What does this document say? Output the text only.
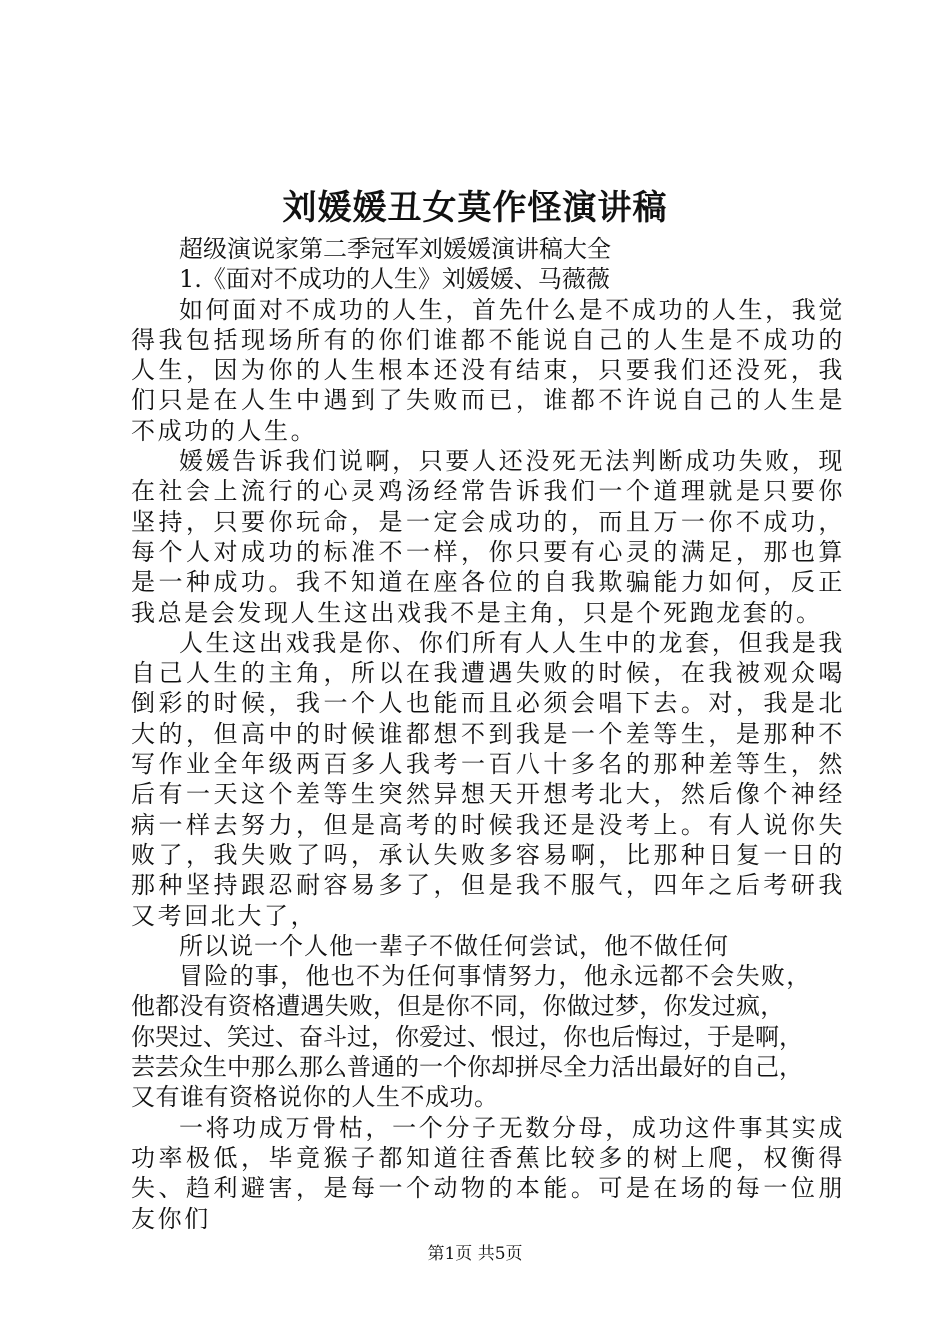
刘媛媛丑女莫作怪演讲稿

超级演说家第二季冠军刘媛媛演讲稿大全

1.《面对不成功的人生》刘媛媛、马薇薇

如何面对不成功的人生，首先什么是不成功的人生，我觉得我包括现场所有的你们谁都不能说自己的人生是不成功的人生，因为你的人生根本还没有结束，只要我们还没死，我们只是在人生中遇到了失败而已，谁都不许说自己的人生是不成功的人生。

媛媛告诉我们说啊，只要人还没死无法判断成功失败，现在社会上流行的心灵鸡汤经常告诉我们一个道理就是只要你坚持，只要你玩命，是一定会成功的，而且万一你不成功，每个人对成功的标准不一样，你只要有心灵的满足，那也算是一种成功。我不知道在座各位的自我欺骗能力如何，反正我总是会发现人生这出戏我不是主角，只是个死跑龙套的。

人生这出戏我是你、你们所有人人生中的龙套，但我是我自己人生的主角，所以在我遭遇失败的时候，在我被观众喝倒彩的时候，我一个人也能而且必须会唱下去。对，我是北大的，但高中的时候谁都想不到我是一个差等生，是那种不写作业全年级两百多人我考一百八十多名的那种差等生，然后有一天这个差等生突然异想天开想考北大，然后像个神经病一样去努力，但是高考的时候我还是没考上。有人说你失败了，我失败了吗，承认失败多容易啊，比那种日复一日的那种坚持跟忍耐容易多了，但是我不服气，四年之后考研我又考回北大了，

所以说一个人他一辈子不做任何尝试，他不做任何

冒险的事，他也不为任何事情努力，他永远都不会失败，

他都没有资格遭遇失败，但是你不同，你做过梦，你发过疯，

你哭过、笑过、奋斗过，你爱过、恨过，你也后悔过，于是啊，

芸芸众生中那么那么普通的一个你却拼尽全力活出最好的自己，

又有谁有资格说你的人生不成功。

一将功成万骨枯，一个分子无数分母，成功这件事其实成功率极低，毕竟猴子都知道往香蕉比较多的树上爬，权衡得失、趋利避害，是每一个动物的本能。可是在场的每一位朋友你们

第1页 共5页
